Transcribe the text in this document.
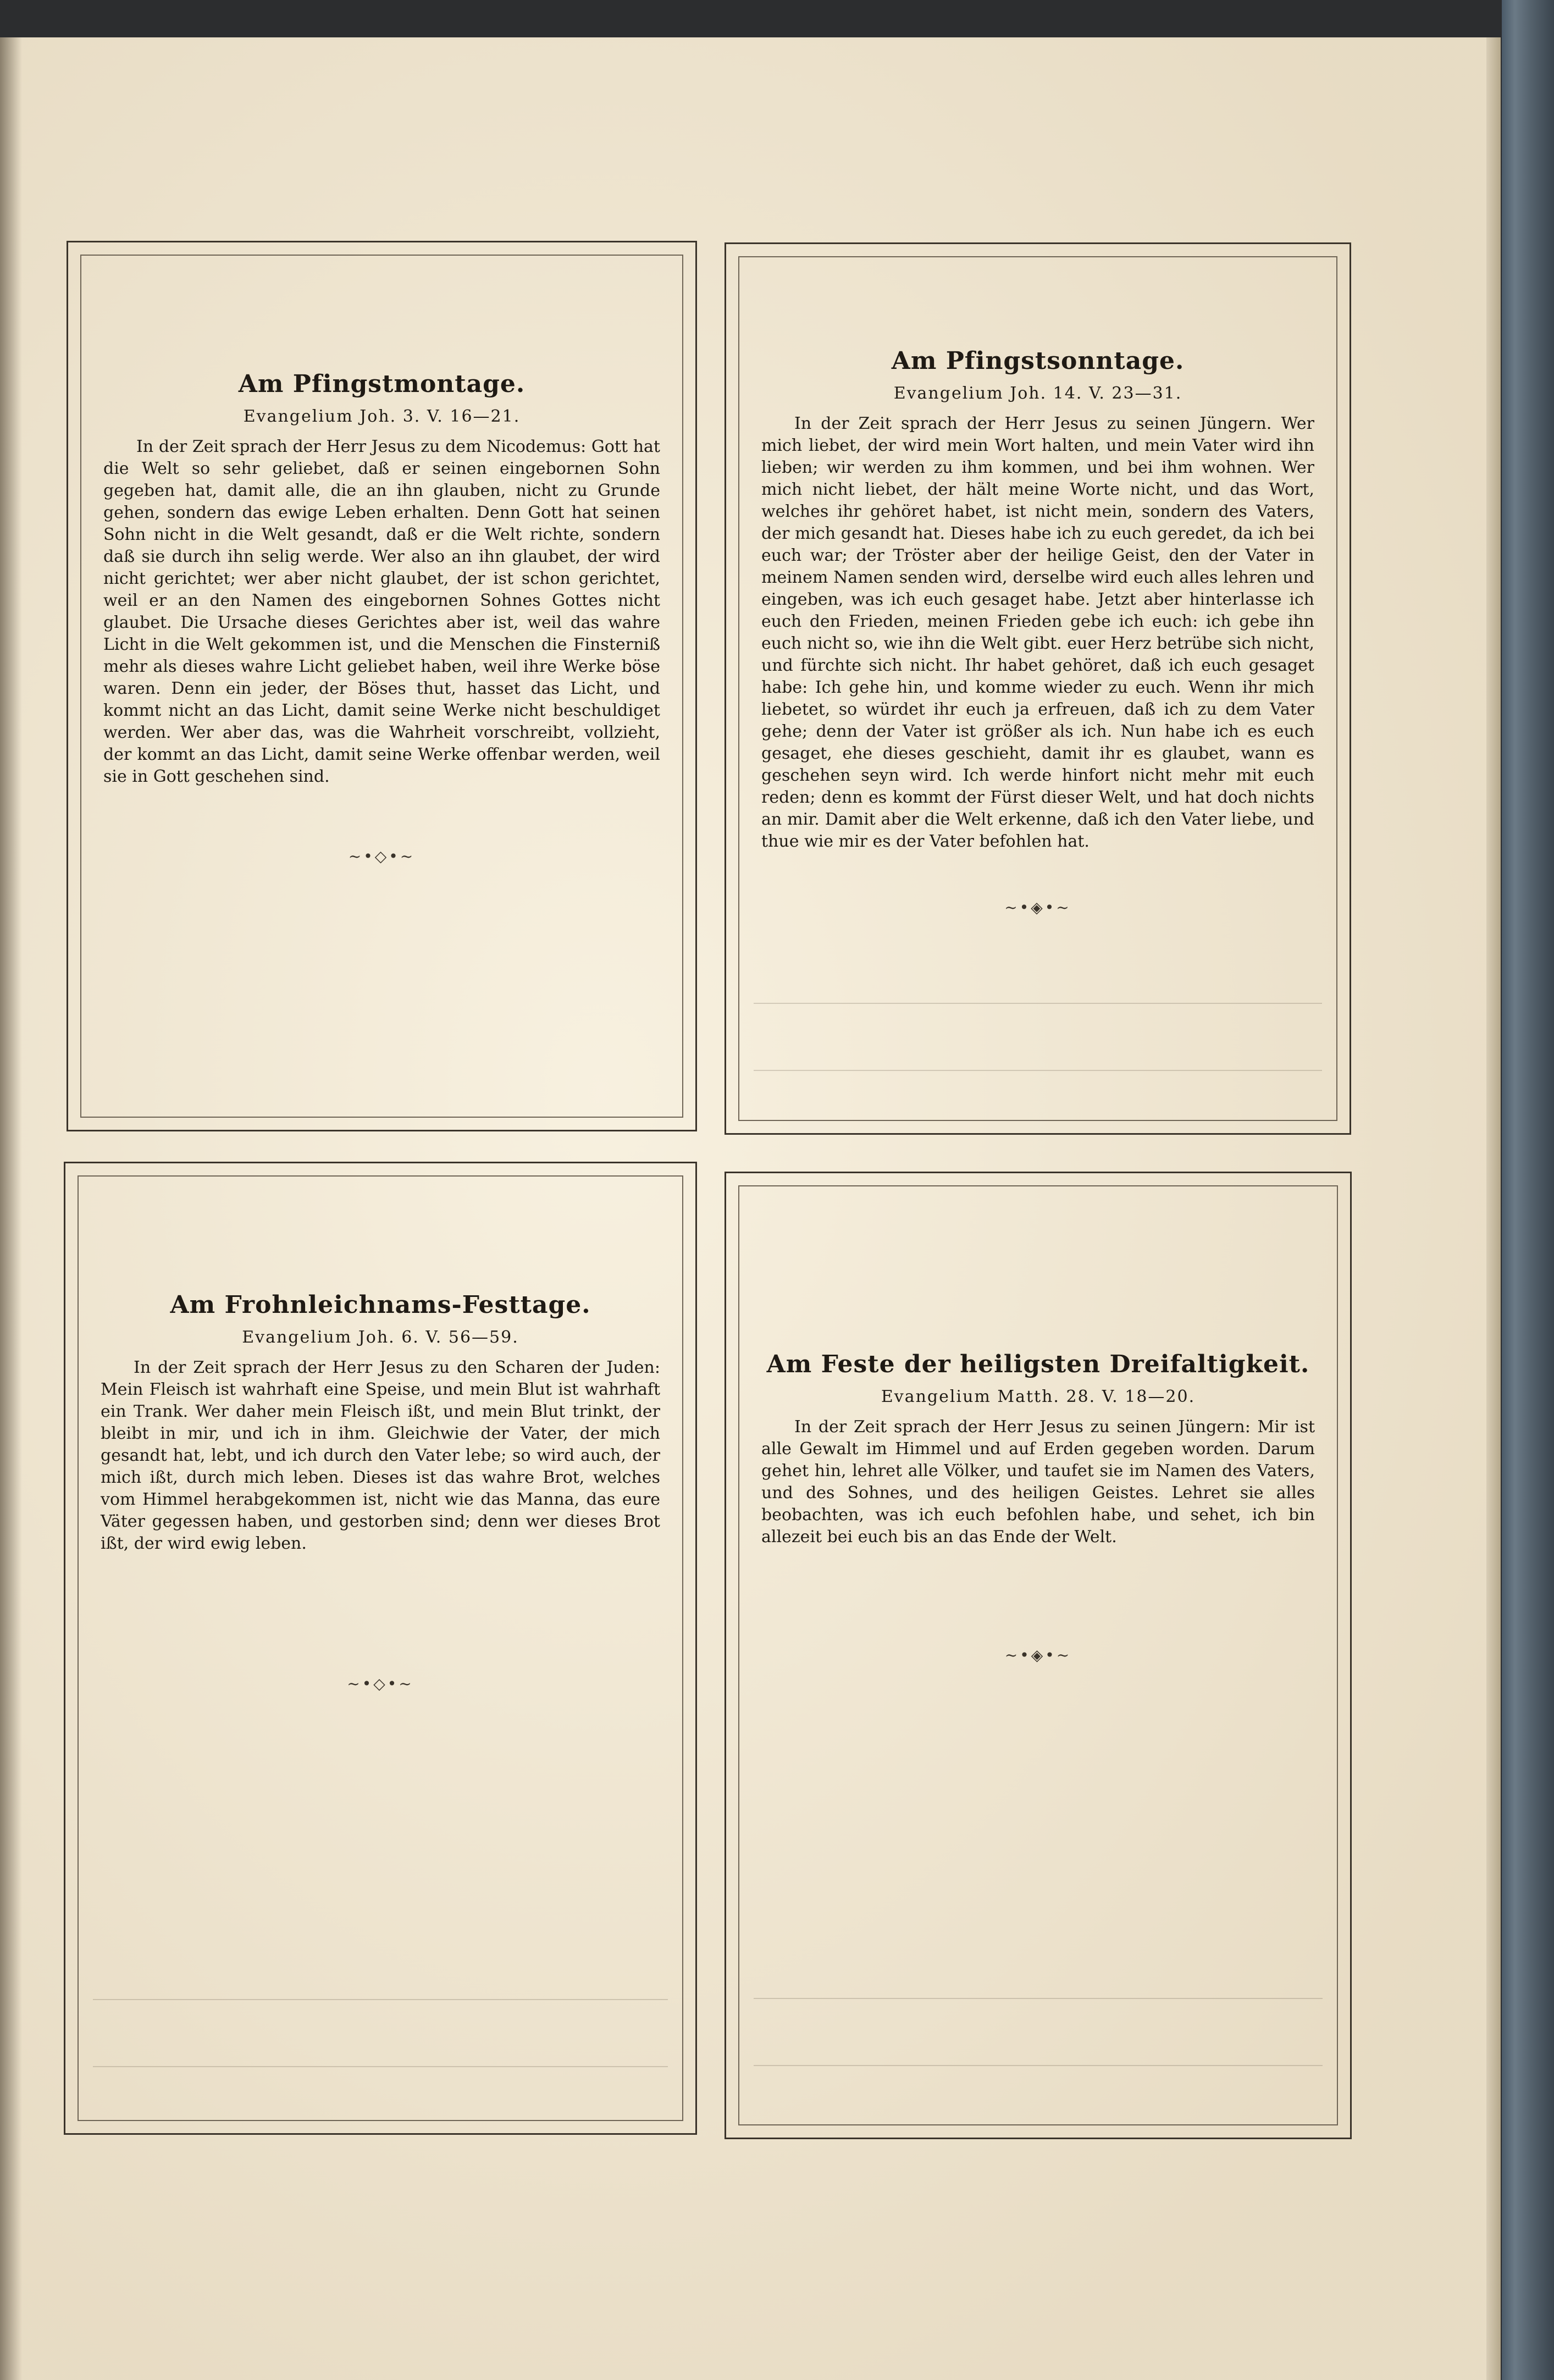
Am Pfingstmontage.

Evangelium Joh. 3. V. 16—21.

In der Zeit sprach der Herr Jesus zu dem Nicodemus: Gott hat die Welt so sehr geliebet, daß er seinen eingebornen Sohn gegeben hat, damit alle, die an ihn glauben, nicht zu Grunde gehen, sondern das ewige Leben erhalten. Denn Gott hat seinen Sohn nicht in die Welt gesandt, daß er die Welt richte, sondern daß sie durch ihn selig werde. Wer also an ihn glaubet, der wird nicht gerichtet; wer aber nicht glaubet, der ist schon gerichtet, weil er an den Namen des eingebornen Sohnes Gottes nicht glaubet. Die Ursache dieses Gerichtes aber ist, weil das wahre Licht in die Welt gekommen ist, und die Menschen die Finsterniß mehr als dieses wahre Licht geliebet haben, weil ihre Werke böse waren. Denn ein jeder, der Böses thut, hasset das Licht, und kommt nicht an das Licht, damit seine Werke nicht beschuldiget werden. Wer aber das, was die Wahrheit vorschreibt, vollzieht, der kommt an das Licht, damit seine Werke offenbar werden, weil sie in Gott geschehen sind.

~•◇•~

Am Pfingstsonntage.

Evangelium Joh. 14. V. 23—31.

In der Zeit sprach der Herr Jesus zu seinen Jüngern. Wer mich liebet, der wird mein Wort halten, und mein Vater wird ihn lieben; wir werden zu ihm kommen, und bei ihm wohnen. Wer mich nicht liebet, der hält meine Worte nicht, und das Wort, welches ihr gehöret habet, ist nicht mein, sondern des Vaters, der mich gesandt hat. Dieses habe ich zu euch geredet, da ich bei euch war; der Tröster aber der heilige Geist, den der Vater in meinem Namen senden wird, derselbe wird euch alles lehren und eingeben, was ich euch gesaget habe. Jetzt aber hinterlasse ich euch den Frieden, meinen Frieden gebe ich euch: ich gebe ihn euch nicht so, wie ihn die Welt gibt. euer Herz betrübe sich nicht, und fürchte sich nicht. Ihr habet gehöret, daß ich euch gesaget habe: Ich gehe hin, und komme wieder zu euch. Wenn ihr mich liebetet, so würdet ihr euch ja erfreuen, daß ich zu dem Vater gehe; denn der Vater ist größer als ich. Nun habe ich es euch gesaget, ehe dieses geschieht, damit ihr es glaubet, wann es geschehen seyn wird. Ich werde hinfort nicht mehr mit euch reden; denn es kommt der Fürst dieser Welt, und hat doch nichts an mir. Damit aber die Welt erkenne, daß ich den Vater liebe, und thue wie mir es der Vater befohlen hat.

~•◈•~

Am Frohnleichnams-Festtage.

Evangelium Joh. 6. V. 56—59.

In der Zeit sprach der Herr Jesus zu den Scharen der Juden: Mein Fleisch ist wahrhaft eine Speise, und mein Blut ist wahrhaft ein Trank. Wer daher mein Fleisch ißt, und mein Blut trinkt, der bleibt in mir, und ich in ihm. Gleichwie der Vater, der mich gesandt hat, lebt, und ich durch den Vater lebe; so wird auch, der mich ißt, durch mich leben. Dieses ist das wahre Brot, welches vom Himmel herabgekommen ist, nicht wie das Manna, das eure Väter gegessen haben, und gestorben sind; denn wer dieses Brot ißt, der wird ewig leben.

~•◇•~

Am Feste der heiligsten Dreifaltigkeit.

Evangelium Matth. 28. V. 18—20.

In der Zeit sprach der Herr Jesus zu seinen Jüngern: Mir ist alle Gewalt im Himmel und auf Erden gegeben worden. Darum gehet hin, lehret alle Völker, und taufet sie im Namen des Vaters, und des Sohnes, und des heiligen Geistes. Lehret sie alles beobachten, was ich euch befohlen habe, und sehet, ich bin allezeit bei euch bis an das Ende der Welt.

~•◈•~
